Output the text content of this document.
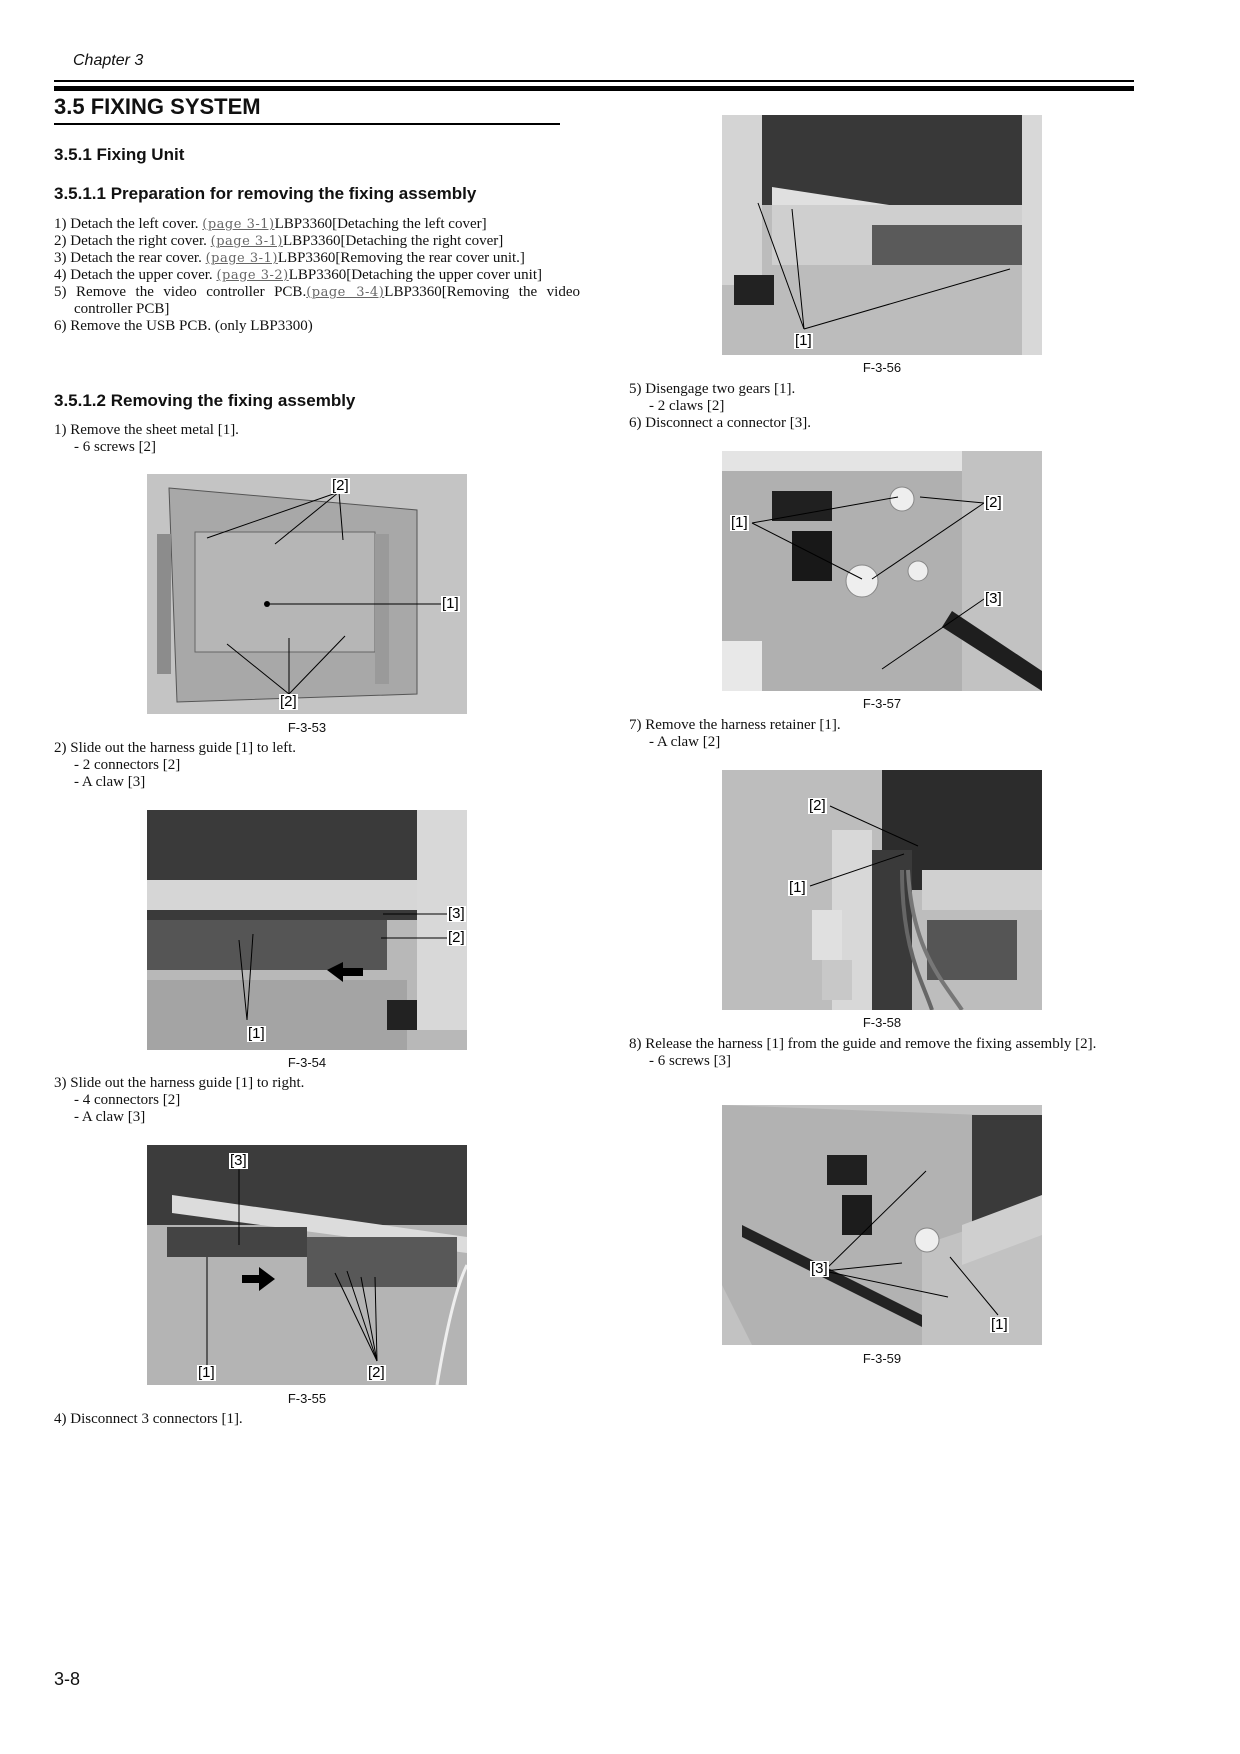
Chapter 3
3.5 FIXING SYSTEM
3.5.1 Fixing Unit
3.5.1.1 Preparation for removing the fixing assembly
1) Detach the left cover. (page 3-1)LBP3360[Detaching the left cover]
2) Detach the right cover. (page 3-1)LBP3360[Detaching the right cover]
3) Detach the rear cover. (page 3-1)LBP3360[Removing the rear cover unit.]
4) Detach the upper cover. (page 3-2)LBP3360[Detaching the upper cover unit]
5) Remove the video controller PCB.(page 3-4)LBP3360[Removing the video controller PCB]
6) Remove the USB PCB. (only LBP3300)
3.5.1.2 Removing the fixing assembly
1) Remove the sheet metal [1].
- 6 screws [2]
[2]
[1]
[2]
F-3-53
2) Slide out the harness guide [1] to left.
- 2 connectors [2]
- A claw [3]
[3]
[2]
[1]
F-3-54
3) Slide out the harness guide [1] to right.
- 4 connectors [2]
- A claw [3]
[3]
[1]	[2]
F-3-55
4) Disconnect 3 connectors [1].
[1]
F-3-56
5) Disengage two gears [1].
- 2 claws [2]
6) Disconnect a connector [3].
[2]
[1]
[3]
F-3-57
7) Remove the harness retainer [1].
- A claw [2]
[2]
[1]
F-3-58
8) Release the harness [1] from the guide and remove the fixing assembly [2].
- 6 screws [3]
[3]
[1]
F-3-59
3-8
